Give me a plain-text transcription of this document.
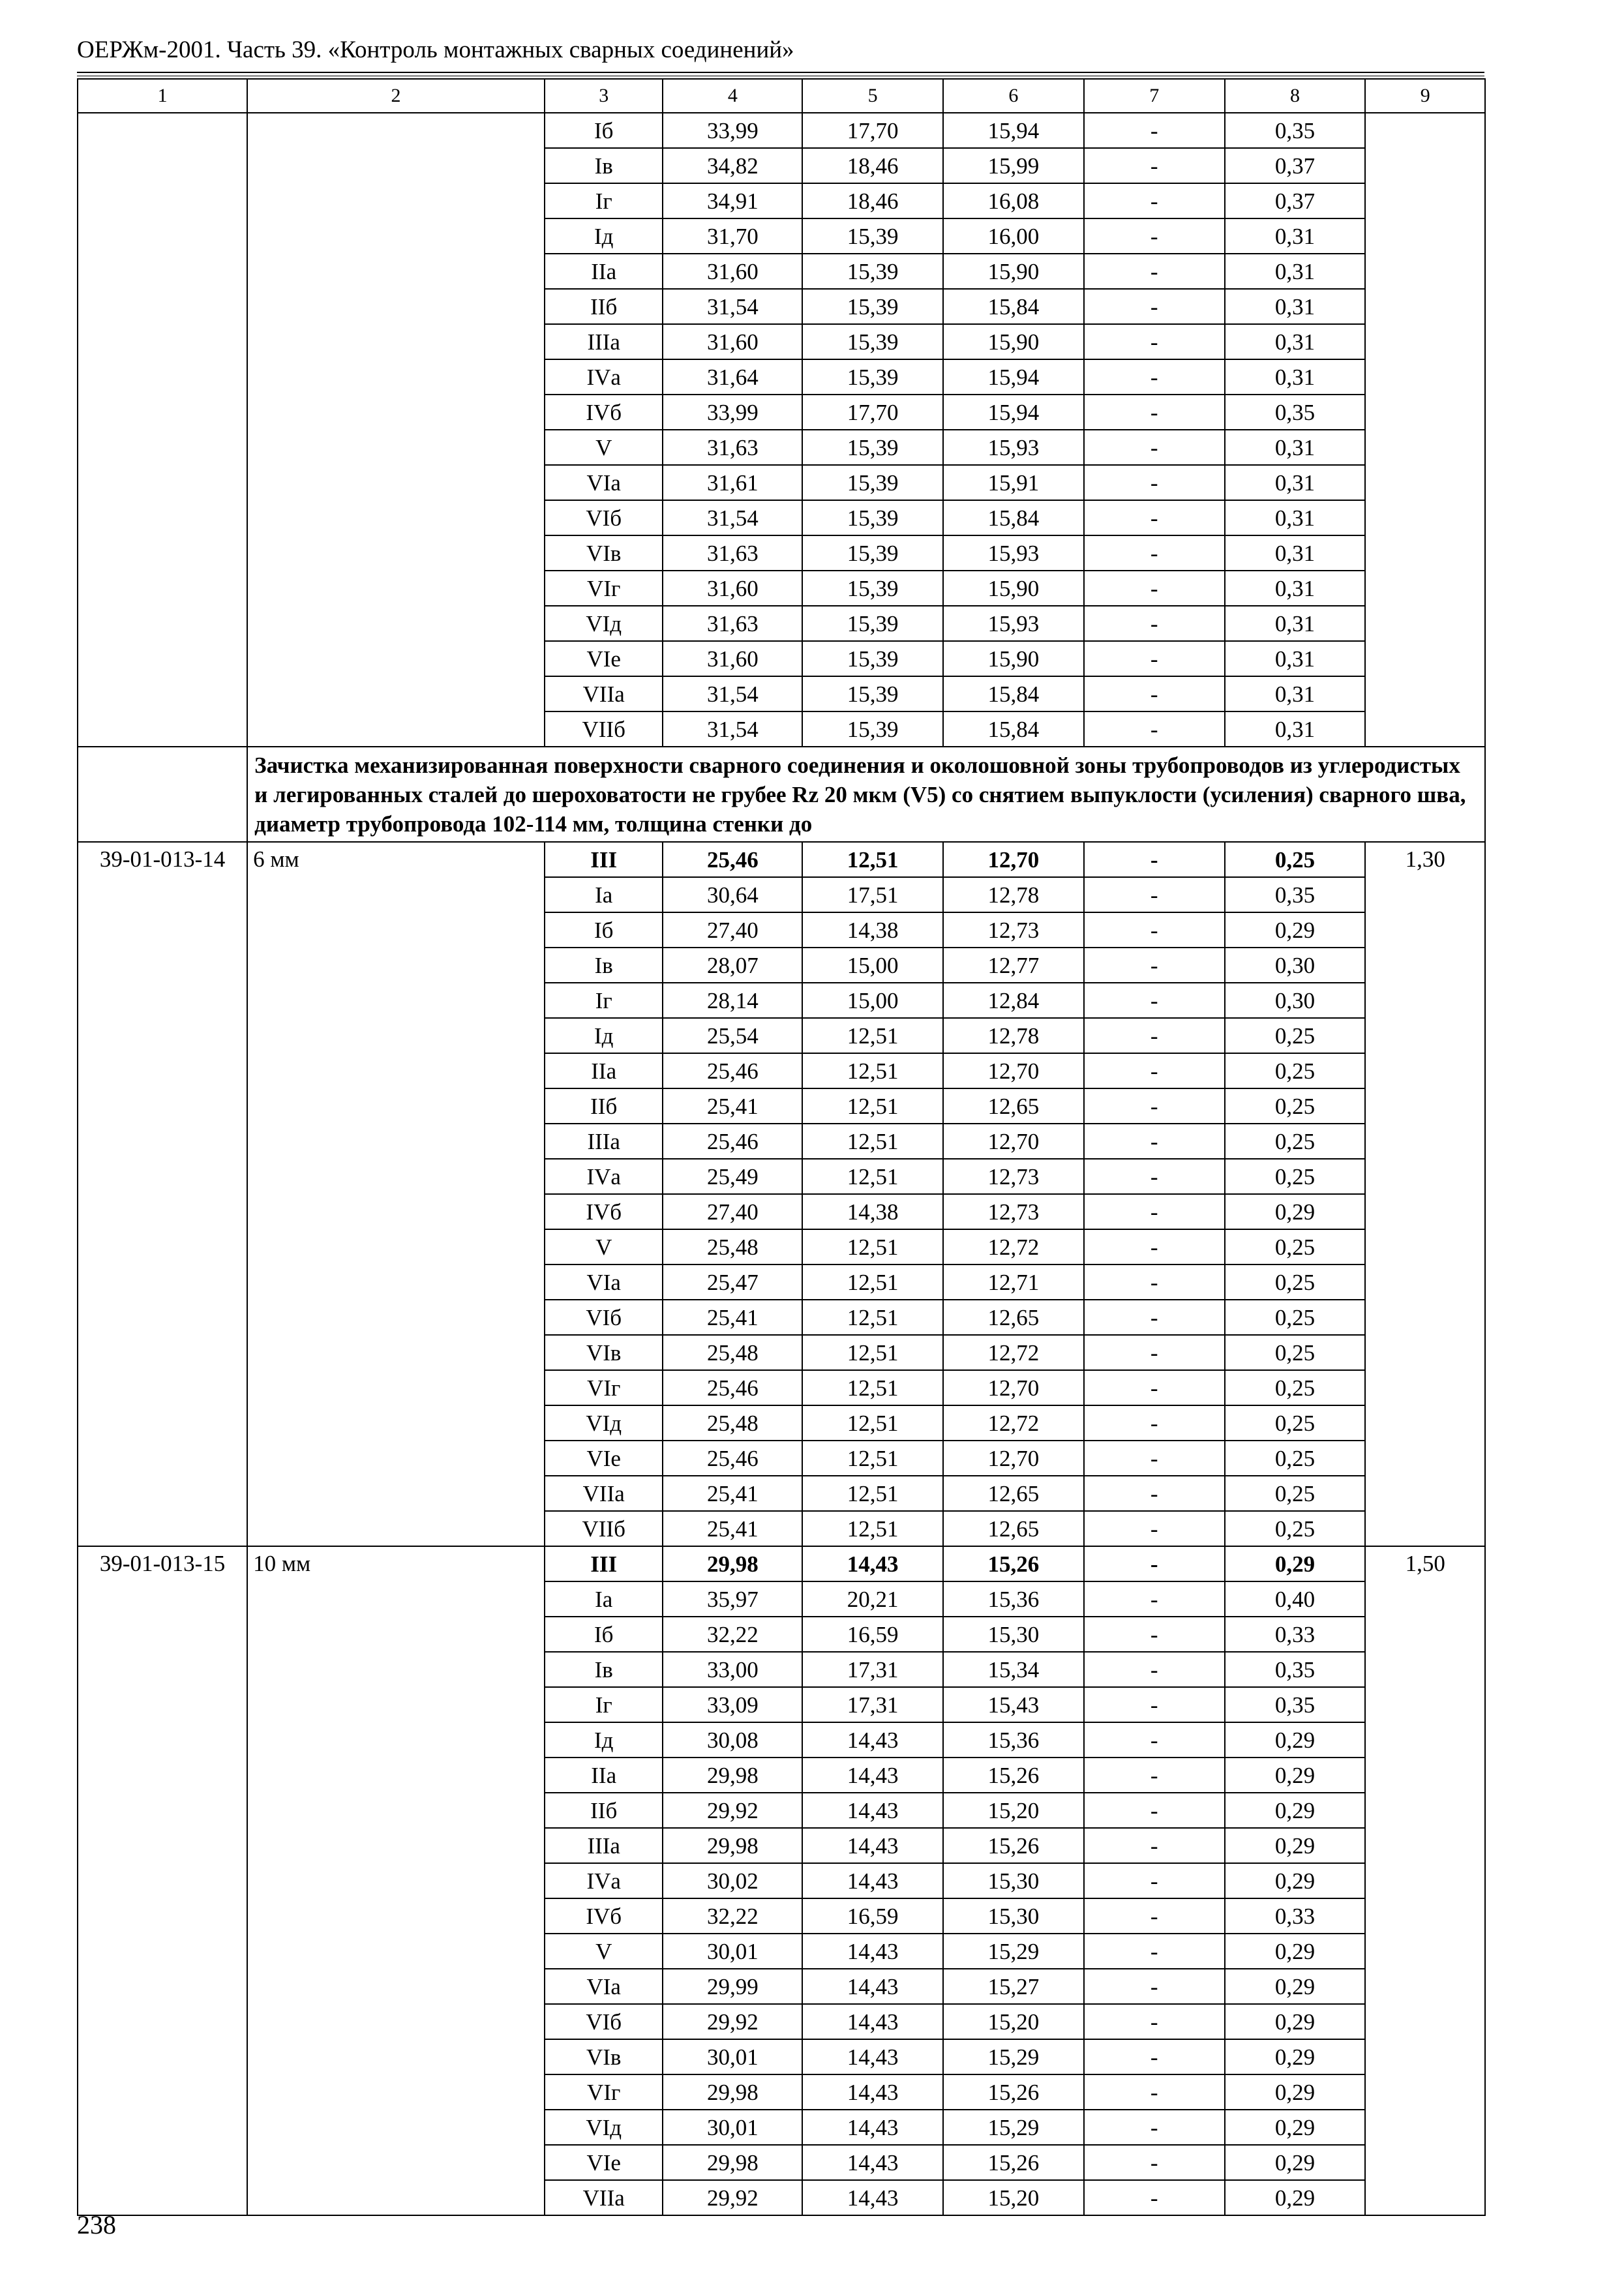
ОЕРЖм-2001. Часть 39. «Контроль монтажных сварных соединений»
1	2	3	4	5	6	7	8	9
		Iб	33,99	17,70	15,94	-	0,35	
		Iв	34,82	18,46	15,99	-	0,37	
		Iг	34,91	18,46	16,08	-	0,37	
		Iд	31,70	15,39	16,00	-	0,31	
		IIа	31,60	15,39	15,90	-	0,31	
		IIб	31,54	15,39	15,84	-	0,31	
		IIIа	31,60	15,39	15,90	-	0,31	
		IVа	31,64	15,39	15,94	-	0,31	
		IVб	33,99	17,70	15,94	-	0,35	
		V	31,63	15,39	15,93	-	0,31	
		VIа	31,61	15,39	15,91	-	0,31	
		VIб	31,54	15,39	15,84	-	0,31	
		VIв	31,63	15,39	15,93	-	0,31	
		VIг	31,60	15,39	15,90	-	0,31	
		VIд	31,63	15,39	15,93	-	0,31	
		VIе	31,60	15,39	15,90	-	0,31	
		VIIа	31,54	15,39	15,84	-	0,31	
		VIIб	31,54	15,39	15,84	-	0,31	
	Зачистка механизированная поверхности сварного соединения и околошовной зоны трубопроводов из углеродистых и легированных сталей до шероховатости не грубее Rz 20 мкм (V5) со снятием выпуклости (усиления) сварного шва, диаметр трубопровода 102-114 мм, толщина стенки до							
39-01-013-14	6 мм	III	25,46	12,51	12,70	-	0,25	1,30
		Iа	30,64	17,51	12,78	-	0,35	
		Iб	27,40	14,38	12,73	-	0,29	
		Iв	28,07	15,00	12,77	-	0,30	
		Iг	28,14	15,00	12,84	-	0,30	
		Iд	25,54	12,51	12,78	-	0,25	
		IIа	25,46	12,51	12,70	-	0,25	
		IIб	25,41	12,51	12,65	-	0,25	
		IIIа	25,46	12,51	12,70	-	0,25	
		IVа	25,49	12,51	12,73	-	0,25	
		IVб	27,40	14,38	12,73	-	0,29	
		V	25,48	12,51	12,72	-	0,25	
		VIа	25,47	12,51	12,71	-	0,25	
		VIб	25,41	12,51	12,65	-	0,25	
		VIв	25,48	12,51	12,72	-	0,25	
		VIг	25,46	12,51	12,70	-	0,25	
		VIд	25,48	12,51	12,72	-	0,25	
		VIе	25,46	12,51	12,70	-	0,25	
		VIIа	25,41	12,51	12,65	-	0,25	
		VIIб	25,41	12,51	12,65	-	0,25	
39-01-013-15	10 мм	III	29,98	14,43	15,26	-	0,29	1,50
		Iа	35,97	20,21	15,36	-	0,40	
		Iб	32,22	16,59	15,30	-	0,33	
		Iв	33,00	17,31	15,34	-	0,35	
		Iг	33,09	17,31	15,43	-	0,35	
		Iд	30,08	14,43	15,36	-	0,29	
		IIа	29,98	14,43	15,26	-	0,29	
		IIб	29,92	14,43	15,20	-	0,29	
		IIIа	29,98	14,43	15,26	-	0,29	
		IVа	30,02	14,43	15,30	-	0,29	
		IVб	32,22	16,59	15,30	-	0,33	
		V	30,01	14,43	15,29	-	0,29	
		VIа	29,99	14,43	15,27	-	0,29	
		VIб	29,92	14,43	15,20	-	0,29	
		VIв	30,01	14,43	15,29	-	0,29	
		VIг	29,98	14,43	15,26	-	0,29	
		VIд	30,01	14,43	15,29	-	0,29	
		VIе	29,98	14,43	15,26	-	0,29	
		VIIа	29,92	14,43	15,20	-	0,29	
238
